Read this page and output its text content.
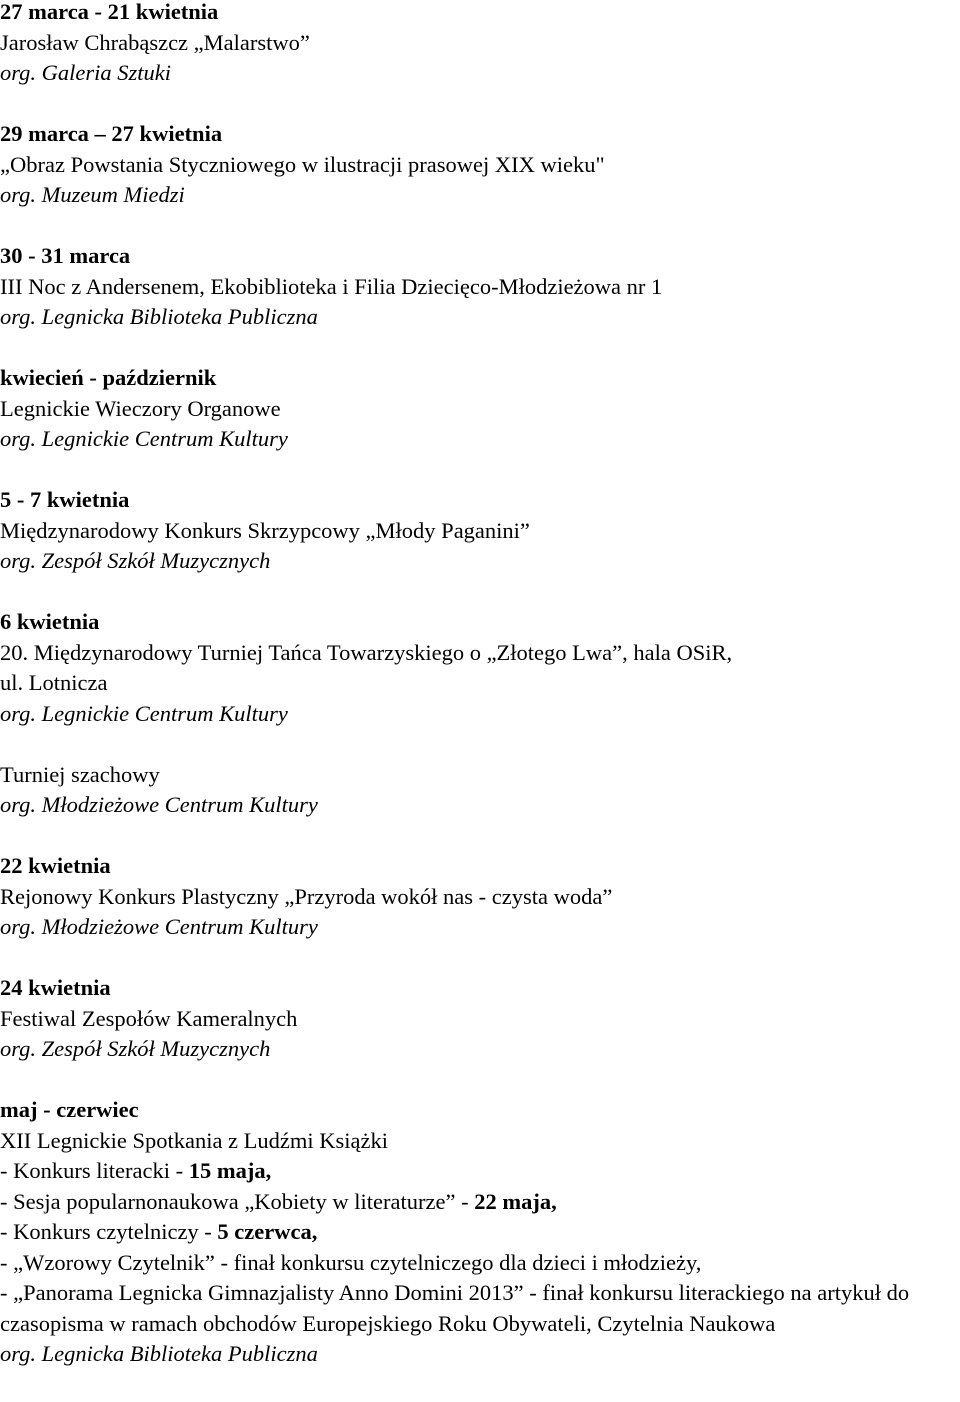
27 marca - 21 kwietnia
Jarosław Chrabąszcz „Malarstwo”
org. Galeria Sztuki
29 marca – 27 kwietnia
„Obraz Powstania Styczniowego w ilustracji prasowej XIX wieku"
org. Muzeum Miedzi
30 - 31 marca
III Noc z Andersenem, Ekobiblioteka i Filia Dziecięco-Młodzieżowa nr 1
org. Legnicka Biblioteka Publiczna
kwiecień - październik
Legnickie Wieczory Organowe
org. Legnickie Centrum Kultury
5 - 7 kwietnia
Międzynarodowy Konkurs Skrzypcowy „Młody Paganini”
org. Zespół Szkół Muzycznych
6 kwietnia
20. Międzynarodowy Turniej Tańca Towarzyskiego o „Złotego Lwa”, hala OSiR,
ul. Lotnicza
org. Legnickie Centrum Kultury
Turniej szachowy
org. Młodzieżowe Centrum Kultury
22 kwietnia
Rejonowy Konkurs Plastyczny „Przyroda wokół nas - czysta woda”
org. Młodzieżowe Centrum Kultury
24 kwietnia
Festiwal Zespołów Kameralnych
org. Zespół Szkół Muzycznych
maj - czerwiec
XII Legnickie Spotkania z Ludźmi Książki
- Konkurs literacki - 15 maja,
- Sesja popularnonaukowa „Kobiety w literaturze” - 22 maja,
- Konkurs czytelniczy - 5 czerwca,
- „Wzorowy Czytelnik” - finał konkursu czytelniczego dla dzieci i młodzieży,
- „Panorama Legnicka Gimnazjalisty Anno Domini 2013” - finał konkursu literackiego na artykuł do czasopisma w ramach obchodów Europejskiego Roku Obywateli, Czytelnia Naukowa
org. Legnicka Biblioteka Publiczna
